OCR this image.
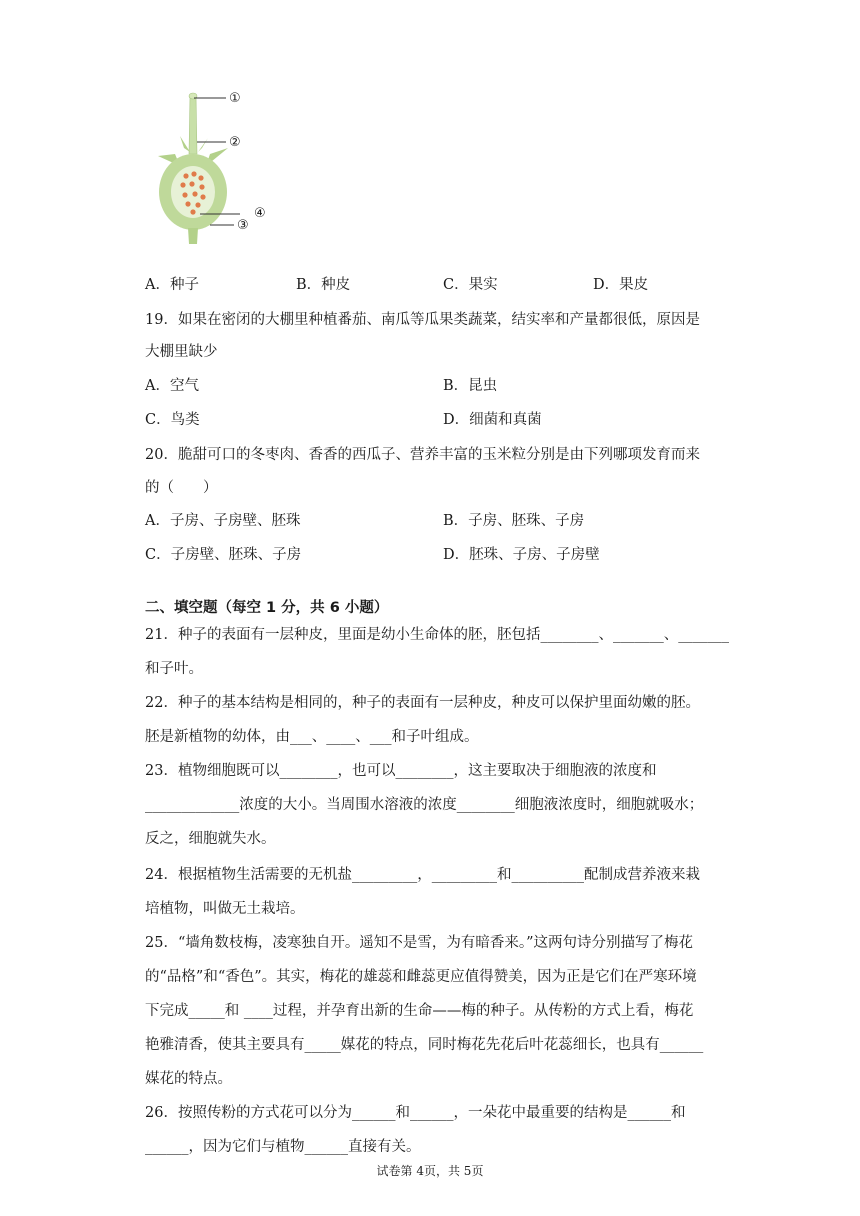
①
②
④
③
A．种子	B．种皮	C．果实	D．果皮
19．如果在密闭的大棚里种植番茄、南瓜等瓜果类蔬菜，结实率和产量都很低，原因是
大棚里缺少
A．空气	B．昆虫
C．鸟类	D．细菌和真菌
20．脆甜可口的冬枣肉、香香的西瓜子、营养丰富的玉米粒分别是由下列哪项发育而来
的（　　）
A．子房、子房壁、胚珠	B．子房、胚珠、子房
C．子房壁、胚珠、子房	D．胚珠、子房、子房壁
二、填空题（每空 1 分，共 6 小题）
21．种子的表面有一层种皮，里面是幼小生命体的胚，胚包括________、_______、_______
和子叶。
22．种子的基本结构是相同的，种子的表面有一层种皮，种皮可以保护里面幼嫩的胚。
胚是新植物的幼体，由___、____、___和子叶组成。
23．植物细胞既可以________，也可以________，这主要取决于细胞液的浓度和
_____________浓度的大小。当周围水溶液的浓度________细胞液浓度时，细胞就吸水；
反之，细胞就失水。
24．根据植物生活需要的无机盐_________，_________和__________配制成营养液来栽
培植物，叫做无土栽培。
25．“墙角数枝梅，凌寒独自开。遥知不是雪，为有暗香来。”这两句诗分别描写了梅花
的“品格”和“香色”。其实，梅花的雄蕊和雌蕊更应值得赞美，因为正是它们在严寒环境
下完成_____和 ____过程，并孕育出新的生命——梅的种子。从传粉的方式上看，梅花
艳雅清香，使其主要具有_____媒花的特点，同时梅花先花后叶花蕊细长，也具有______
媒花的特点。
26．按照传粉的方式花可以分为______和______，一朵花中最重要的结构是______和
______，因为它们与植物______直接有关。
试卷第 4页，共 5页
